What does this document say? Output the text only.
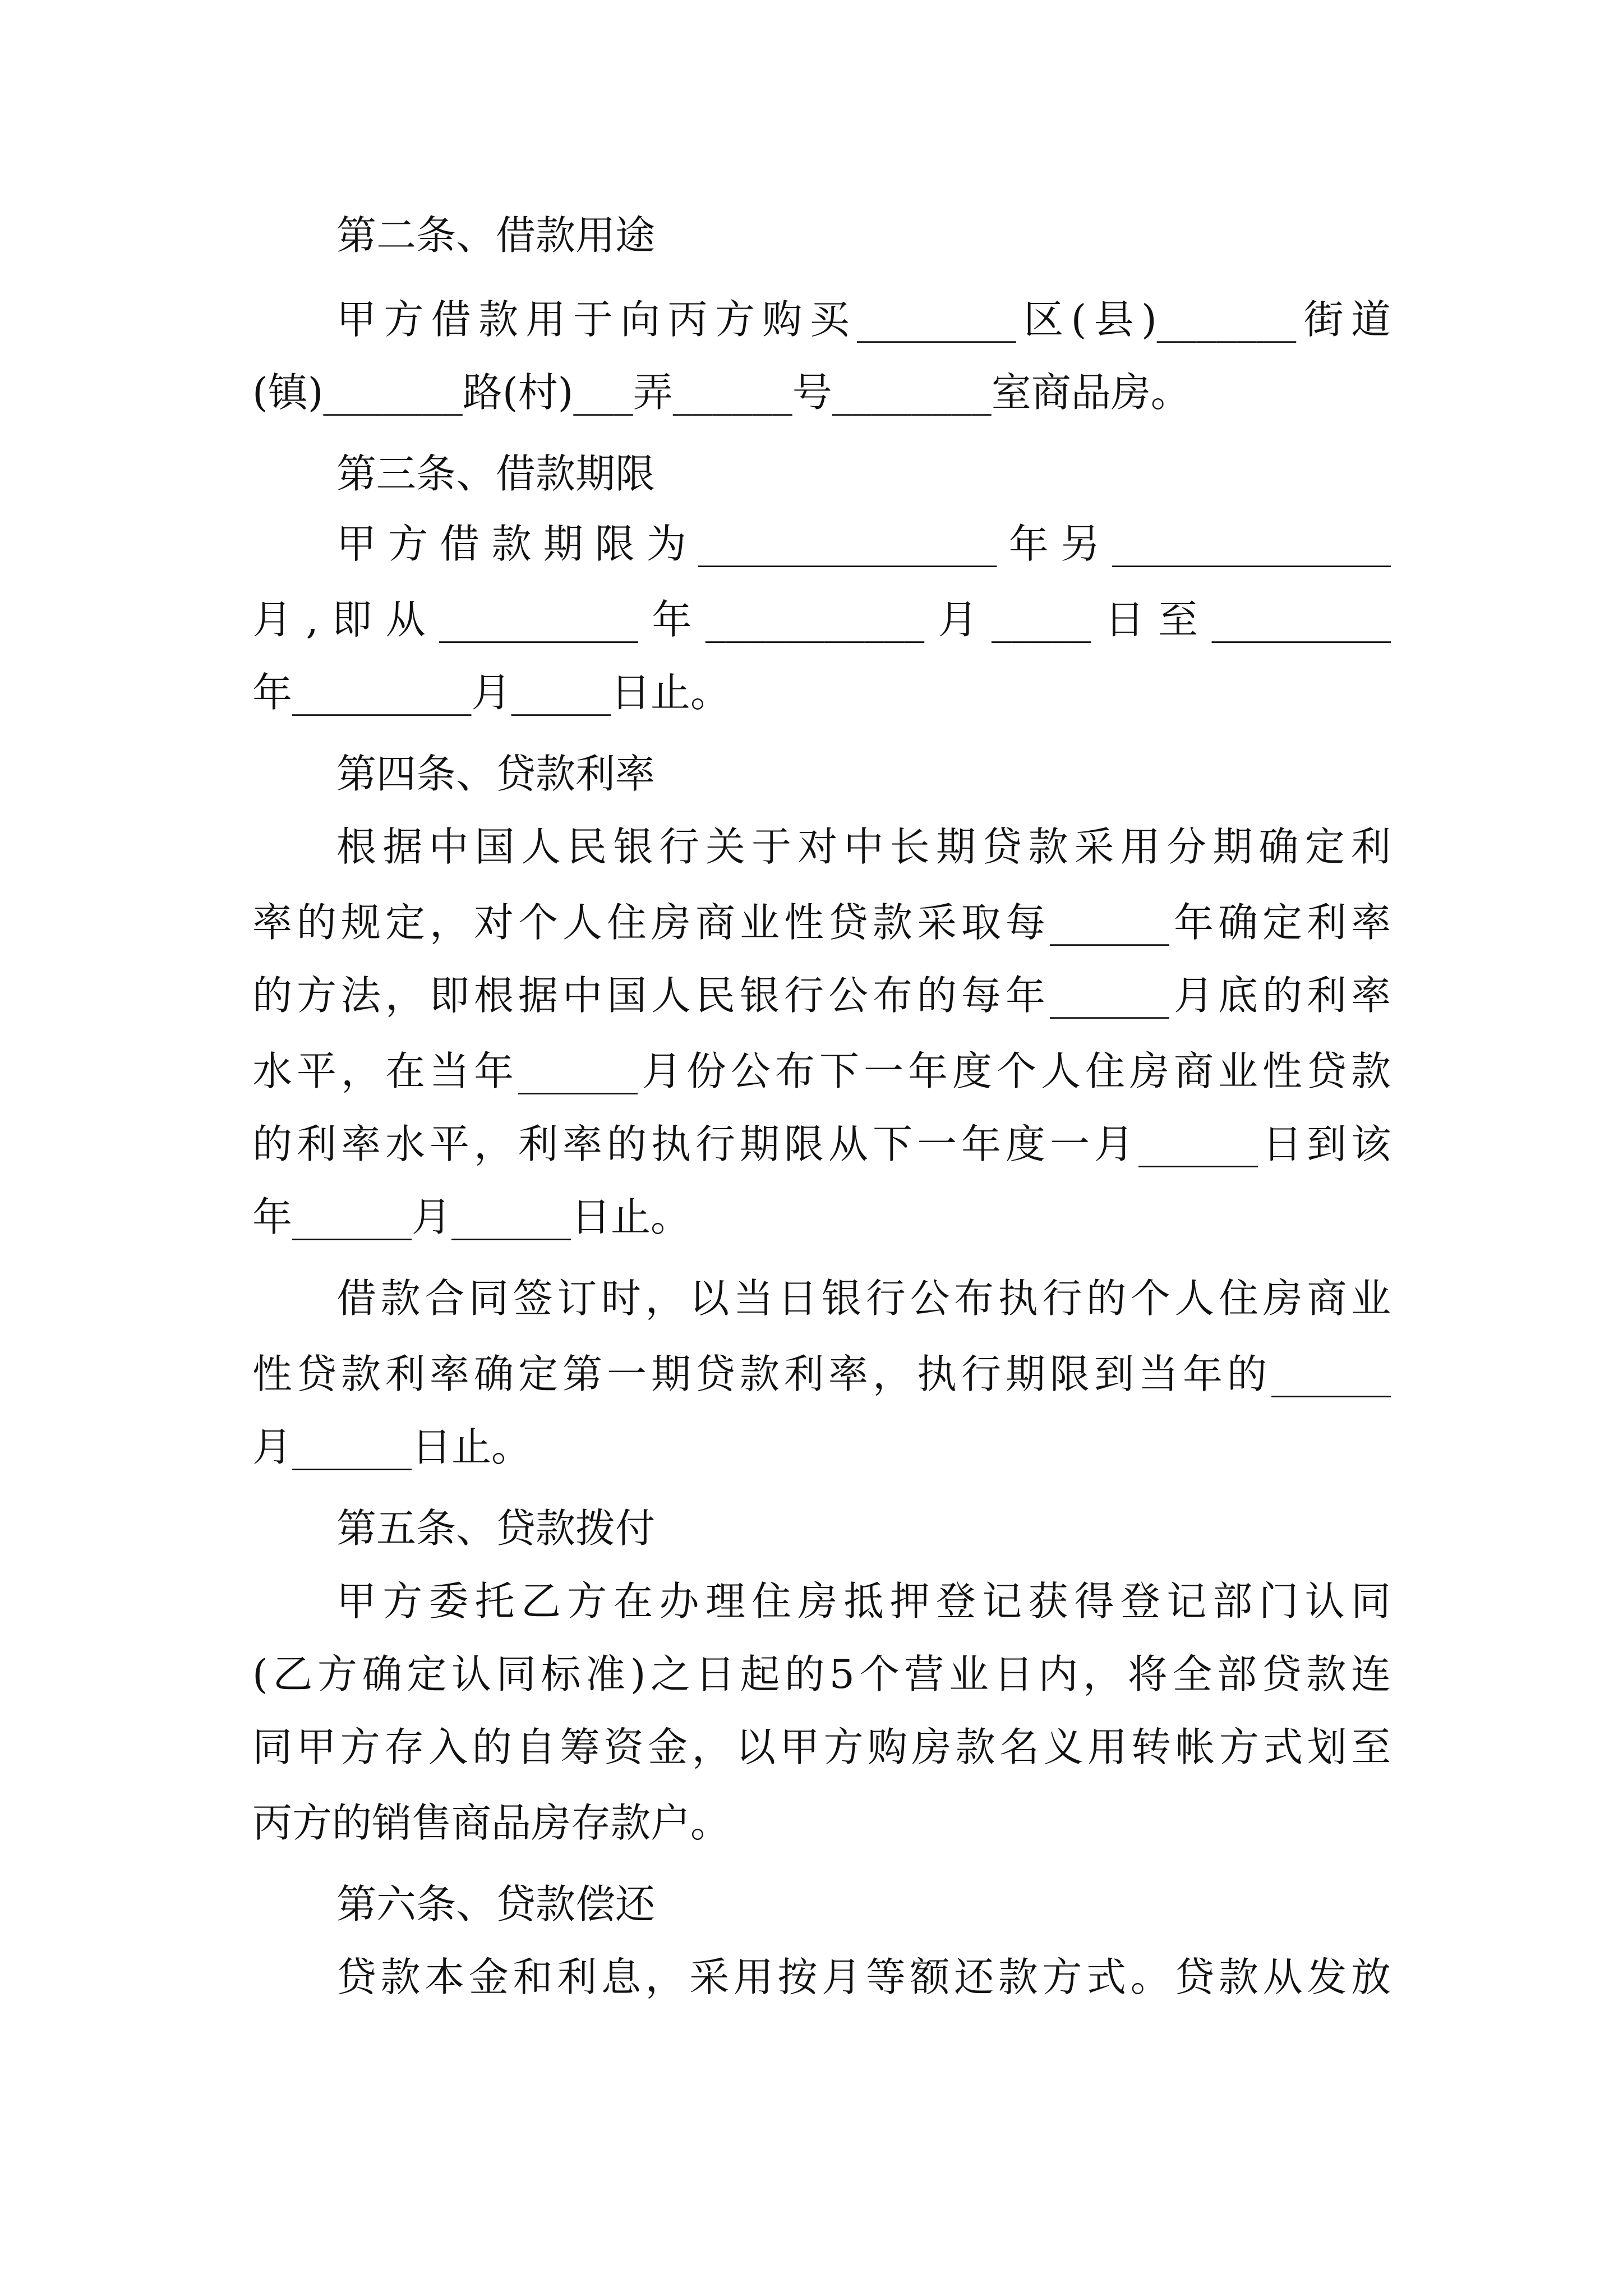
第二条、借款用途
甲方借款用于向丙方购买________区(县)_______街道
(镇)_______路(村)___弄______号________室商品房。
第三条、借款期限
甲方借款期限为_______________年另______________
月,即从__________年___________月_____日至_________
年_________月_____日止。
第四条、贷款利率
根据中国人民银行关于对中长期贷款采用分期确定利
率的规定，对个人住房商业性贷款采取每______年确定利率
的方法，即根据中国人民银行公布的每年______月底的利率
水平，在当年______月份公布下一年度个人住房商业性贷款
的利率水平，利率的执行期限从下一年度一月______日到该
年______月______日止。
借款合同签订时，以当日银行公布执行的个人住房商业
性贷款利率确定第一期贷款利率，执行期限到当年的______
月______日止。
第五条、贷款拨付
甲方委托乙方在办理住房抵押登记获得登记部门认同
(乙方确定认同标准)之日起的5个营业日内，将全部贷款连
同甲方存入的自筹资金，以甲方购房款名义用转帐方式划至
丙方的销售商品房存款户。
第六条、贷款偿还
贷款本金和利息，采用按月等额还款方式。贷款从发放
